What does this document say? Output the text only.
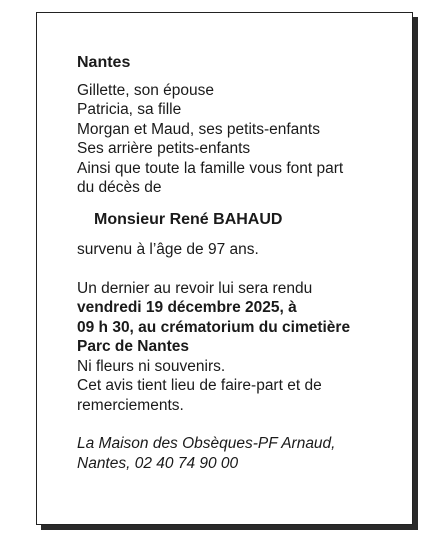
Nantes
Gillette, son épouse
Patricia, sa fille
Morgan et Maud, ses petits-enfants
Ses arrière petits-enfants
Ainsi que toute la famille vous font part
du décès de
Monsieur René BAHAUD
survenu à l’âge de 97 ans.
Un dernier au revoir lui sera rendu
vendredi 19 décembre 2025, à
09 h 30, au crématorium du cimetière
Parc de Nantes
Ni fleurs ni souvenirs.
Cet avis tient lieu de faire-part et de
remerciements.
La Maison des Obsèques-PF Arnaud,
Nantes, 02 40 74 90 00
